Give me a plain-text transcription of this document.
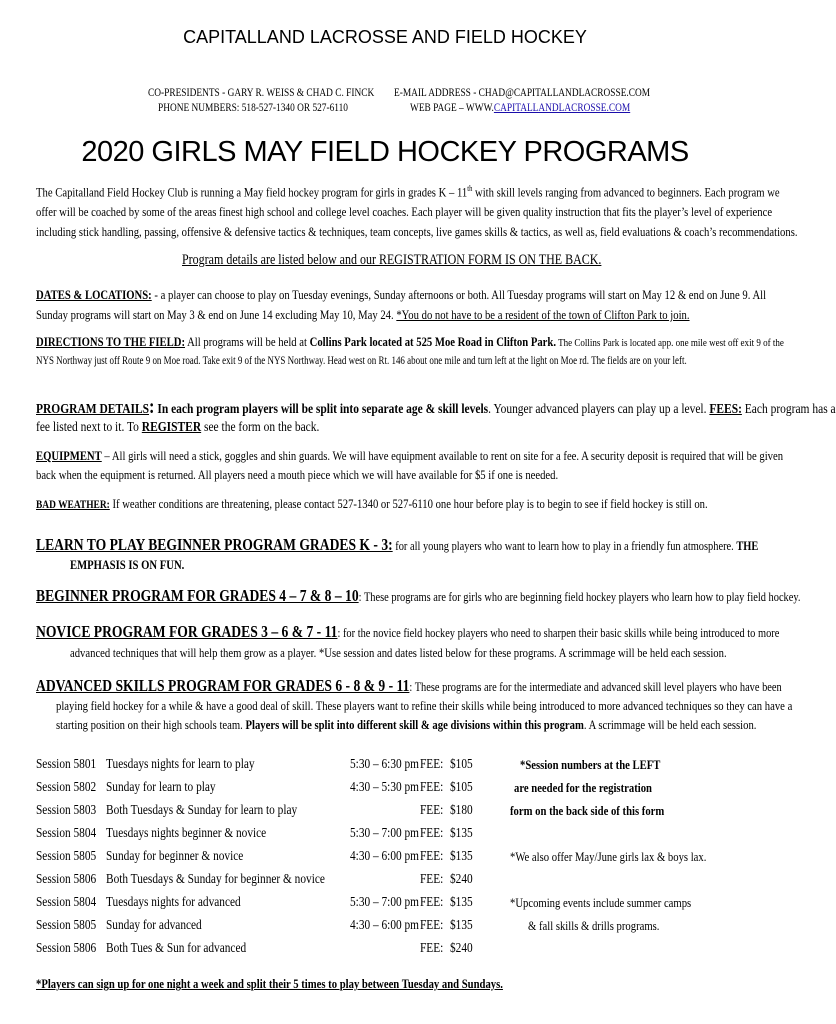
CAPITALLAND LACROSSE AND FIELD HOCKEY
CO-PRESIDENTS - GARY R. WEISS & CHAD C. FINCK
PHONE NUMBERS: 518-527-1340 OR 527-6110
E-MAIL ADDRESS - CHAD@CAPITALLANDLACROSSE.COM
WEB PAGE – WWW.CAPITALLANDLACROSSE.COM
2020 GIRLS MAY FIELD HOCKEY PROGRAMS
The Capitalland Field Hockey Club is running a May field hockey program for girls in grades K – 11th with skill levels ranging from advanced to beginners. Each program we
offer will be coached by some of the areas finest high school and college level coaches. Each player will be given quality instruction that fits the player’s level of experience
including stick handling, passing, offensive & defensive tactics & techniques, team concepts, live games skills & tactics, as well as, field evaluations & coach’s recommendations.
Program details are listed below and our REGISTRATION FORM IS ON THE BACK.
DATES & LOCATIONS: - a player can choose to play on Tuesday evenings, Sunday afternoons or both. All Tuesday programs will start on May 12 & end on June 9. All
Sunday programs will start on May 3 & end on June 14 excluding May 10, May 24. *You do not have to be a resident of the town of Clifton Park to join.
DIRECTIONS TO THE FIELD: All programs will be held at Collins Park located at 525 Moe Road in Clifton Park. The Collins Park is located app. one mile west off exit 9 of the
NYS Northway just off Route 9 on Moe road. Take exit 9 of the NYS Northway. Head west on Rt. 146 about one mile and turn left at the light on Moe rd. The fields are on your left.
PROGRAM DETAILS: In each program players will be split into separate age & skill levels. Younger advanced players can play up a level. FEES: Each program has a
fee listed next to it. To REGISTER see the form on the back.
EQUIPMENT – All girls will need a stick, goggles and shin guards. We will have equipment available to rent on site for a fee. A security deposit is required that will be given
back when the equipment is returned. All players need a mouth piece which we will have available for $5 if one is needed.
BAD WEATHER: If weather conditions are threatening, please contact 527-1340 or 527-6110 one hour before play is to begin to see if field hockey is still on.
LEARN TO PLAY BEGINNER PROGRAM GRADES K - 3: for all young players who want to learn how to play in a friendly fun atmosphere. THE
EMPHASIS IS ON FUN.
BEGINNER PROGRAM FOR GRADES 4 – 7 & 8 – 10: These programs are for girls who are beginning field hockey players who learn how to play field hockey.
NOVICE PROGRAM FOR GRADES 3 – 6 & 7 - 11: for the novice field hockey players who need to sharpen their basic skills while being introduced to more
advanced techniques that will help them grow as a player. *Use session and dates listed below for these programs. A scrimmage will be held each session.
ADVANCED SKILLS PROGRAM FOR GRADES 6 - 8 & 9 - 11: These programs are for the intermediate and advanced skill level players who have been
playing field hockey for a while & have a good deal of skill. These players want to refine their skills while being introduced to more advanced techniques so they can have a
starting position on their high schools team. Players will be split into different skill & age divisions within this program. A scrimmage will be held each session.
Session 5801 Tuesdays nights for learn to play	5:30 – 6:30 pm FEE: $105
Session 5802 Sunday for learn to play	4:30 – 5:30 pm FEE: $105
Session 5803 Both Tuesdays & Sunday for learn to play	FEE: $180
Session 5804 Tuesdays nights beginner & novice	5:30 – 7:00 pm FEE: $135
Session 5805 Sunday for beginner & novice	4:30 – 6:00 pm FEE: $135
Session 5806 Both Tuesdays & Sunday for beginner & novice	FEE: $240
Session 5804 Tuesdays nights for advanced	5:30 – 7:00 pm FEE: $135
Session 5805 Sunday for advanced	4:30 – 6:00 pm FEE: $135
Session 5806 Both Tues & Sun for advanced	FEE: $240
*Session numbers at the LEFT
are needed for the registration
form on the back side of this form
*We also offer May/June girls lax & boys lax.
*Upcoming events include summer camps
& fall skills & drills programs.
*Players can sign up for one night a week and split their 5 times to play between Tuesday and Sundays.
